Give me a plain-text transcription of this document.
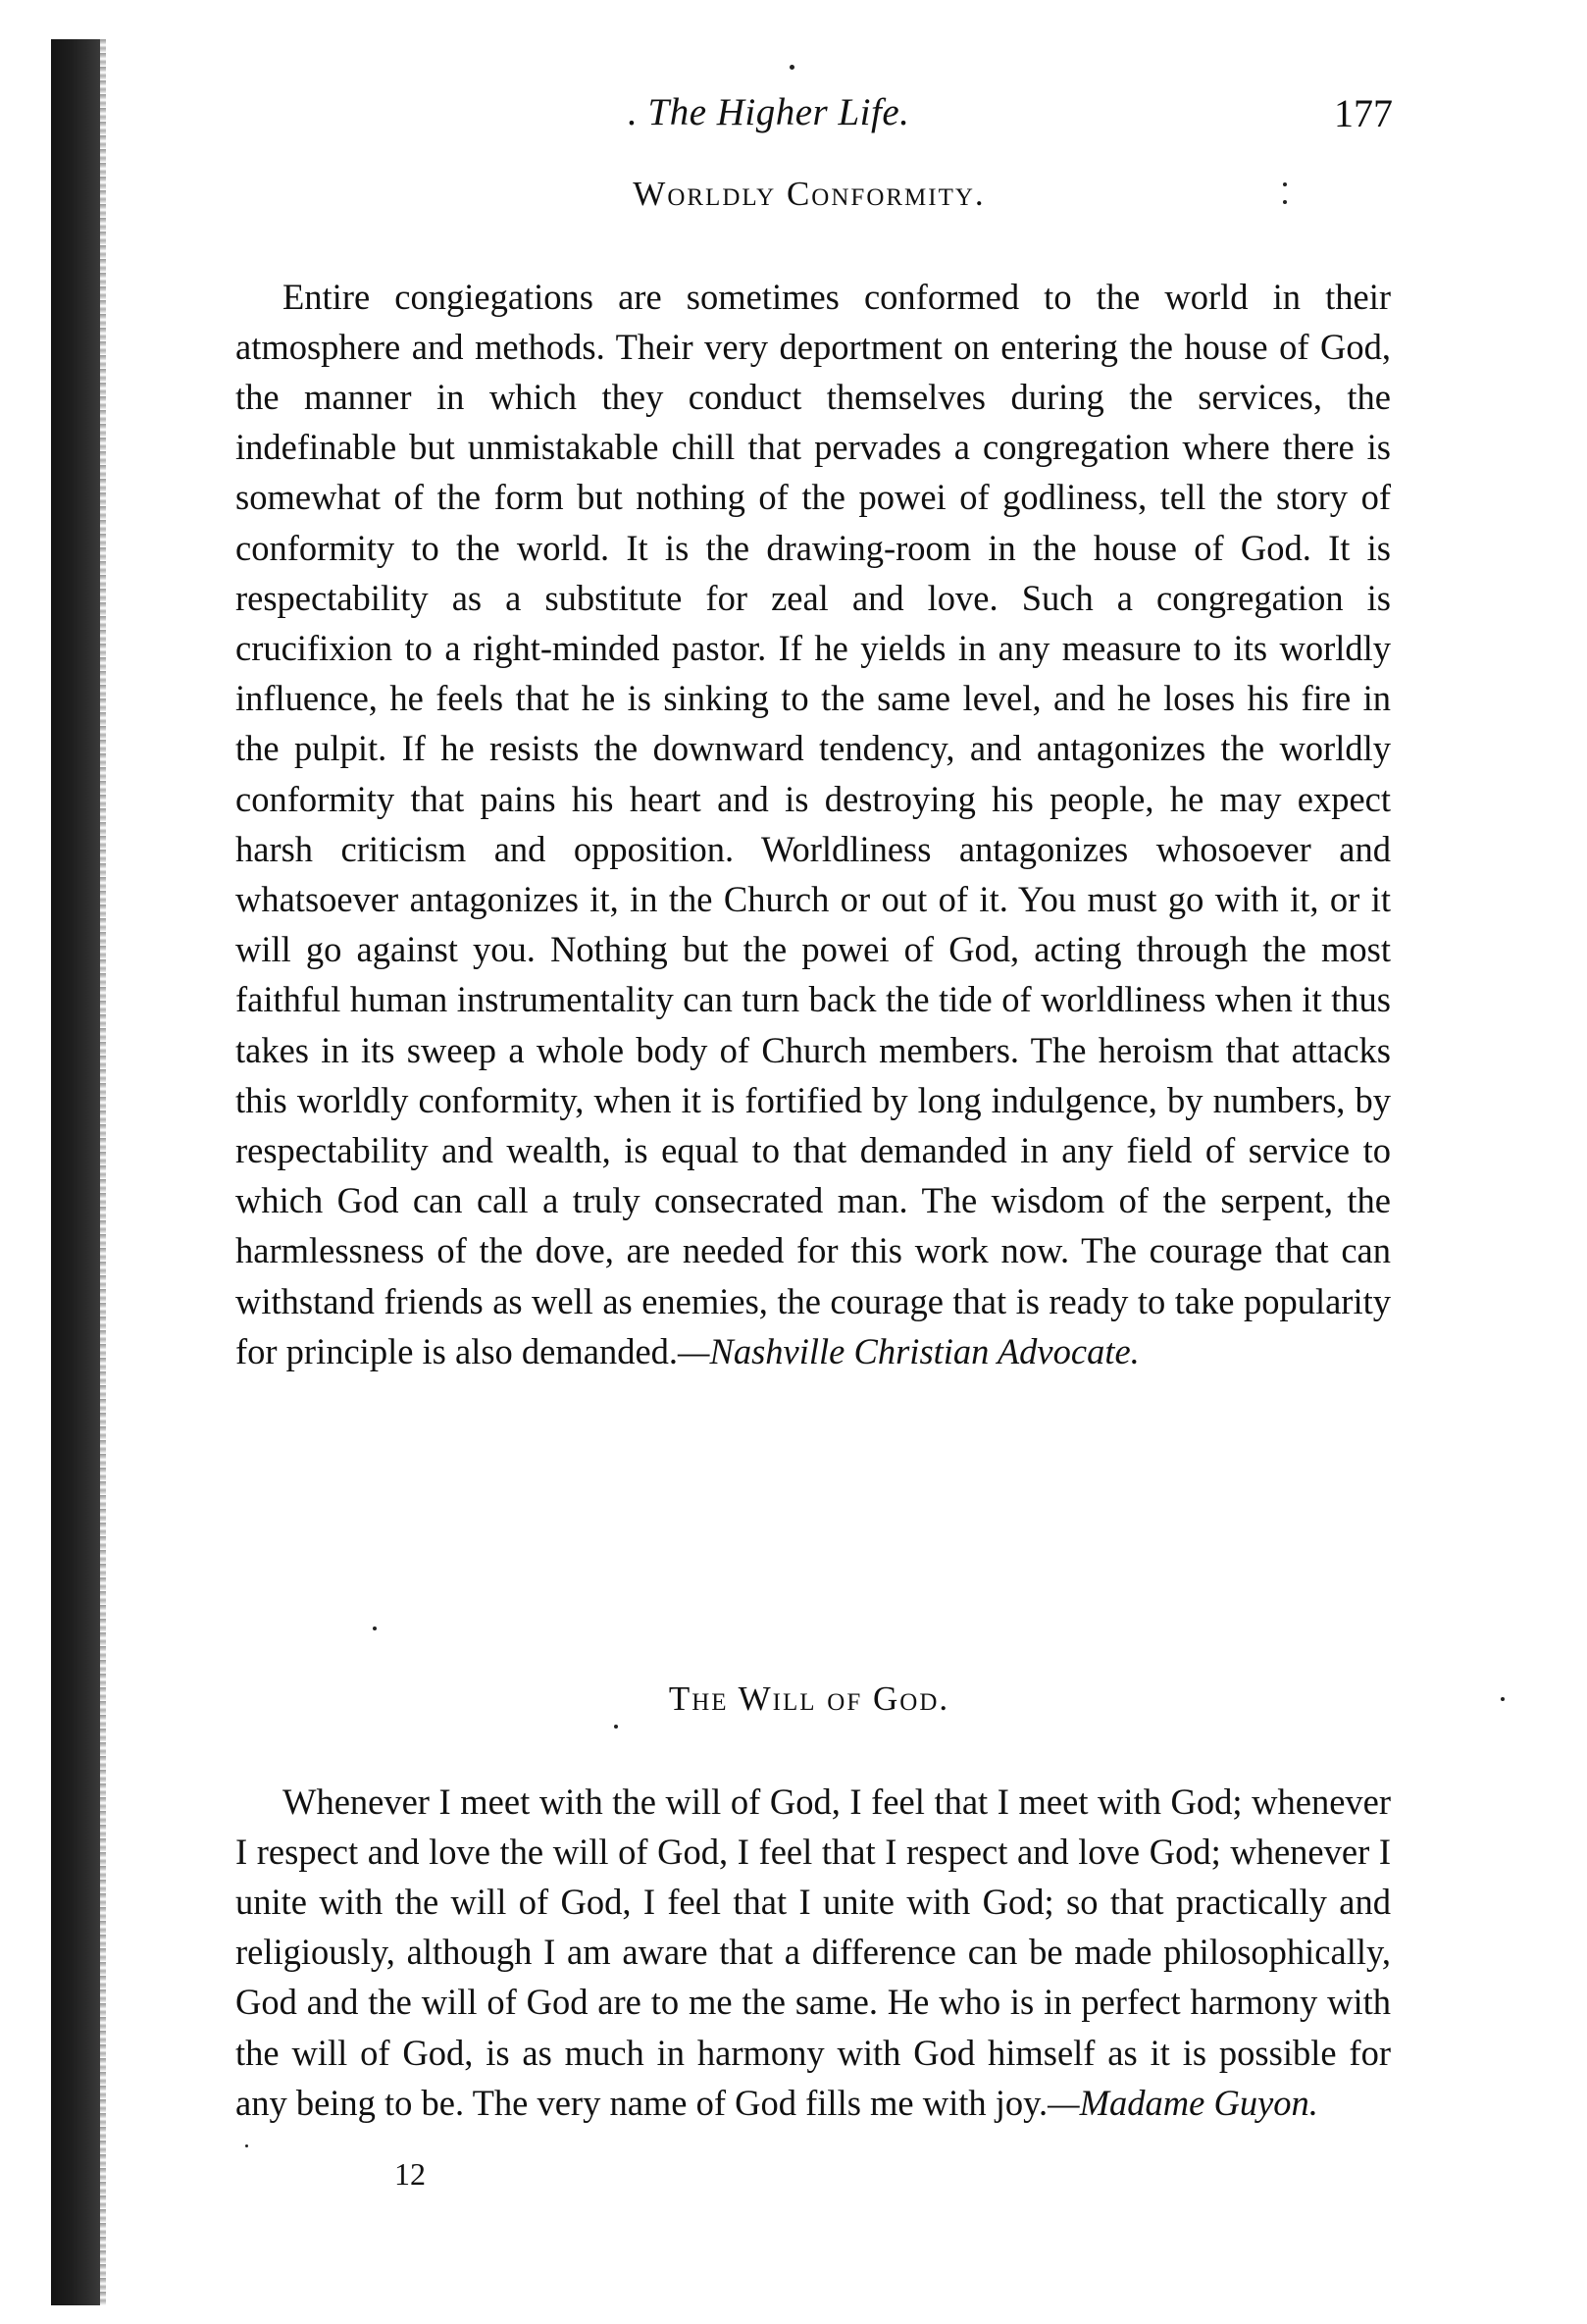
. The Higher Life.	177
Worldly Conformity.

Entire congiegations are sometimes conformed to the world in their atmosphere and methods. Their very deportment on entering the house of God, the manner in which they conduct themselves during the services, the indefinable but unmistakable chill that pervades a congregation where there is somewhat of the form but nothing of the powei of godliness, tell the story of conformity to the world. It is the drawing-room in the house of God. It is respectability as a substitute for zeal and love. Such a congregation is crucifixion to a right-minded pastor. If he yields in any measure to its worldly influence, he feels that he is sinking to the same level, and he loses his fire in the pulpit. If he resists the downward tendency, and antagonizes the worldly conformity that pains his heart and is destroying his people, he may expect harsh criticism and opposition. Worldliness antagonizes whosoever and whatsoever antagonizes it, in the Church or out of it. You must go with it, or it will go against you. Nothing but the powei of God, acting through the most faithful human instrumentality can turn back the tide of worldliness when it thus takes in its sweep a whole body of Church members. The heroism that attacks this worldly conformity, when it is fortified by long indulgence, by numbers, by respectability and wealth, is equal to that demanded in any field of service to which God can call a truly consecrated man. The wisdom of the serpent, the harmlessness of the dove, are needed for this work now. The courage that can withstand friends as well as enemies, the courage that is ready to take popularity for principle is also demanded.—Nashville Christian Advocate.

The Will of God.

Whenever I meet with the will of God, I feel that I meet with God; whenever I respect and love the will of God, I feel that I respect and love God; whenever I unite with the will of God, I feel that I unite with God; so that practically and religiously, although I am aware that a difference can be made philosophically, God and the will of God are to me the same. He who is in perfect harmony with the will of God, is as much in harmony with God himself as it is possible for any being to be. The very name of God fills me with joy.—Madame Guyon.

12
